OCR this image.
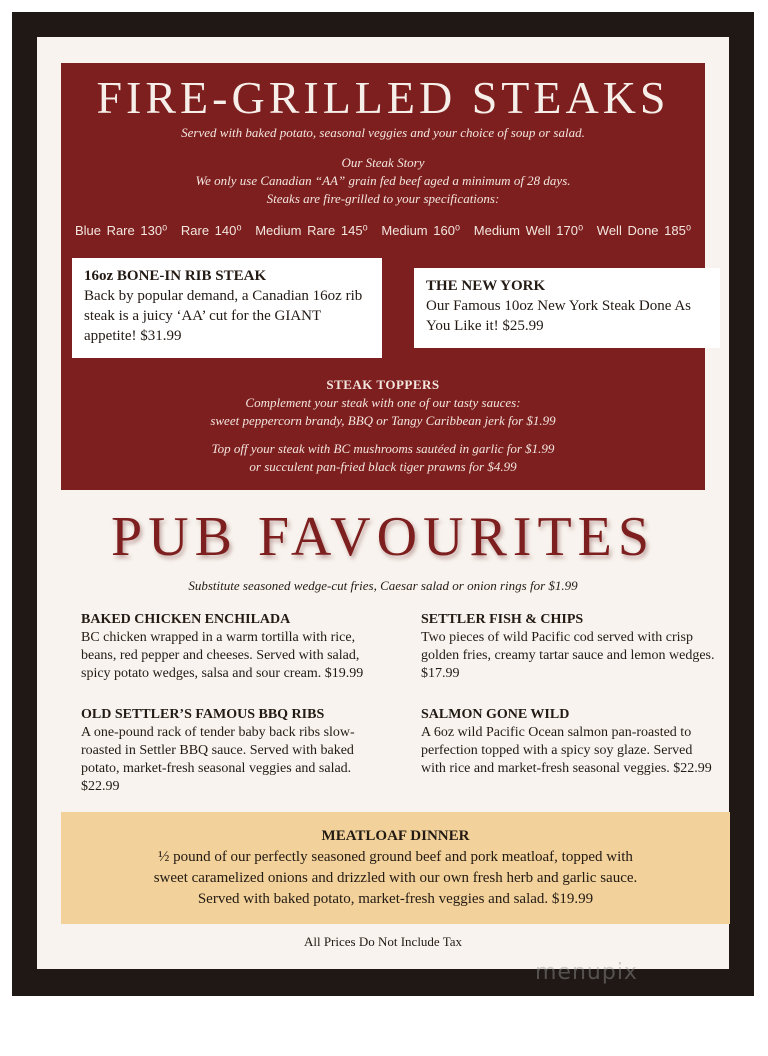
FIRE-GRILLED STEAKS
Served with baked potato, seasonal veggies and your choice of soup or salad.
Our Steak Story
We only use Canadian “AA” grain fed beef aged a minimum of 28 days.
Steaks are fire-grilled to your specifications:
Blue Rare 130⁰ Rare 140⁰ Medium Rare 145⁰ Medium 160⁰ Medium Well 170⁰ Well Done 185⁰
16oz BONE-IN RIB STEAK
Back by popular demand, a Canadian 16oz rib steak is a juicy ‘AA’ cut for the GIANT appetite! $31.99
THE NEW YORK
Our Famous 10oz New York Steak Done As You Like it! $25.99
STEAK TOPPERS
Complement your steak with one of our tasty sauces:
sweet peppercorn brandy, BBQ or Tangy Caribbean jerk for $1.99
Top off your steak with BC mushrooms sautéed in garlic for $1.99
or succulent pan-fried black tiger prawns for $4.99
PUB FAVOURITES
Substitute seasoned wedge-cut fries, Caesar salad or onion rings for $1.99
BAKED CHICKEN ENCHILADA
BC chicken wrapped in a warm tortilla with rice, beans, red pepper and cheeses. Served with salad, spicy potato wedges, salsa and sour cream. $19.99
SETTLER FISH & CHIPS
Two pieces of wild Pacific cod served with crisp golden fries, creamy tartar sauce and lemon wedges. $17.99
OLD SETTLER’S FAMOUS BBQ RIBS
A one-pound rack of tender baby back ribs slow-roasted in Settler BBQ sauce. Served with baked potato, market-fresh seasonal veggies and salad. $22.99
SALMON GONE WILD
A 6oz wild Pacific Ocean salmon pan-roasted to perfection topped with a spicy soy glaze. Served with rice and market-fresh seasonal veggies. $22.99
MEATLOAF DINNER
½ pound of our perfectly seasoned ground beef and pork meatloaf, topped with
sweet caramelized onions and drizzled with our own fresh herb and garlic sauce.
Served with baked potato, market-fresh veggies and salad. $19.99
All Prices Do Not Include Tax
menupix
